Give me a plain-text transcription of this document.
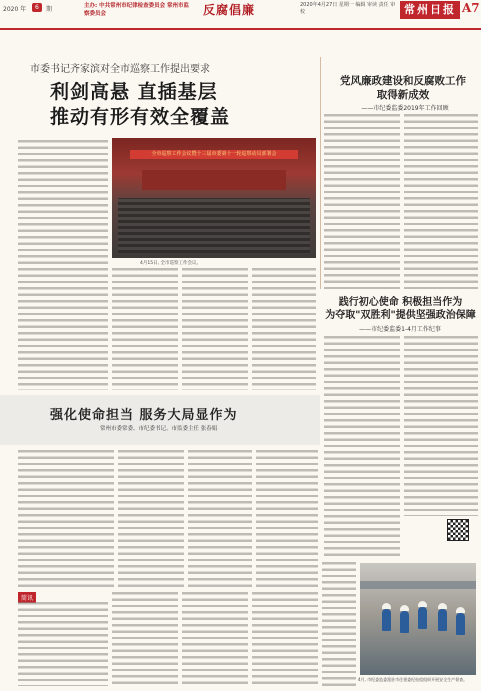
2020 年	6	期	主办: 中共常州市纪律检查委员会 常州市监察委员会	反腐倡廉	2020年4月27日 星期一 编辑 审读 责任 审校	常州日报 A7
市委书记齐家滨对全市巡察工作提出要求
利剑高悬 直插基层
推动有形有效全覆盖
全市巡察工作会议暨十三届市委第十一轮巡察动员部署会
4月15日, 全市巡察工作会议。
党风廉政建设和反腐败工作
取得新成效
——市纪委监委2019年工作回顾
践行初心使命 积极担当作为
为夺取"双胜利"提供坚强政治保障
——市纪委监委1-4月工作纪事
强化使命担当 服务大局显作为
常州市委常委、市纪委书记、市监委主任 张春娟
简讯
4月, 市纪委监委派驻市住建委纪检组组织开展安全生产督查。
